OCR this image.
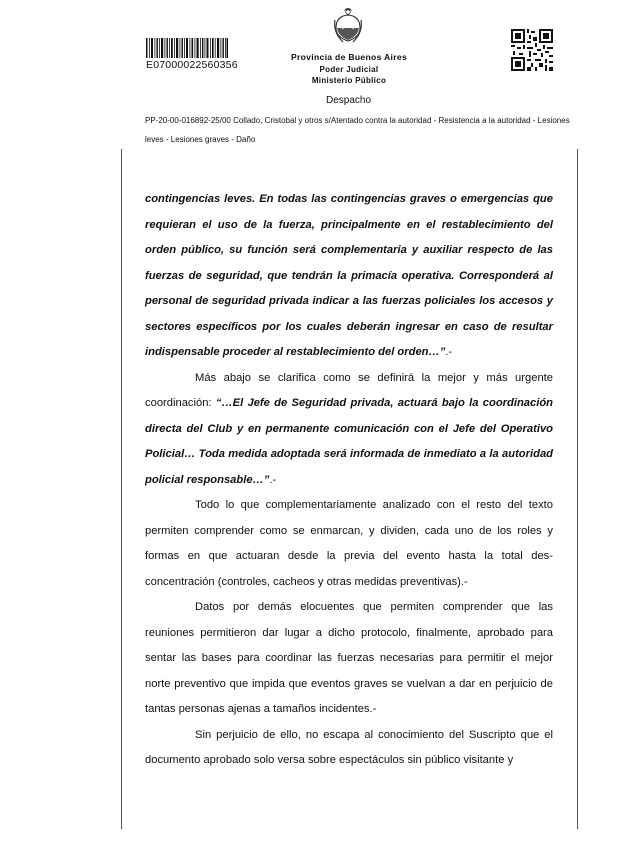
E07000022560356
Provincia de Buenos Aires
Poder Judicial
Ministerio Público
Despacho
PP-20-00-016892-25/00 Collado, Cristobal y otros s/Atentado contra la autoridad - Resistencia a la autoridad - Lesiones leves - Lesiones graves - Daño

contingencias leves. En todas las contingencias graves o emergencias que requieran el uso de la fuerza, principalmente en el restablecimiento del orden público, su función será complementaria y auxiliar respecto de las fuerzas de seguridad, que tendrán la primacía operativa. Corresponderá al personal de seguridad privada indicar a las fuerzas policiales los accesos y sectores específicos por los cuales deberán ingresar en caso de resultar indispensable proceder al restablecimiento del orden…”.-

Más abajo se clarifica como se definirá la mejor y más urgente coordinación: “…El Jefe de Seguridad privada, actuará bajo la coordinación directa del Club y en permanente comunicación con el Jefe del Operativo Policial… Toda medida adoptada será informada de inmediato a la autoridad policial responsable…”.-

Todo lo que complementariamente analizado con el resto del texto permiten comprender como se enmarcan, y dividen, cada uno de los roles y formas en que actuaran desde la previa del evento hasta la total des-concentración (controles, cacheos y otras medidas preventivas).-

Datos por demás elocuentes que permiten comprender que las reuniones permitieron dar lugar a dicho protocolo, finalmente, aprobado para sentar las bases para coordinar las fuerzas necesarias para permitir el mejor norte preventivo que impida que eventos graves se vuelvan a dar en perjuicio de tantas personas ajenas a tamaños incidentes.-

Sin perjuicio de ello, no escapa al conocimiento del Suscripto que el documento aprobado solo versa sobre espectáculos sin público visitante y
